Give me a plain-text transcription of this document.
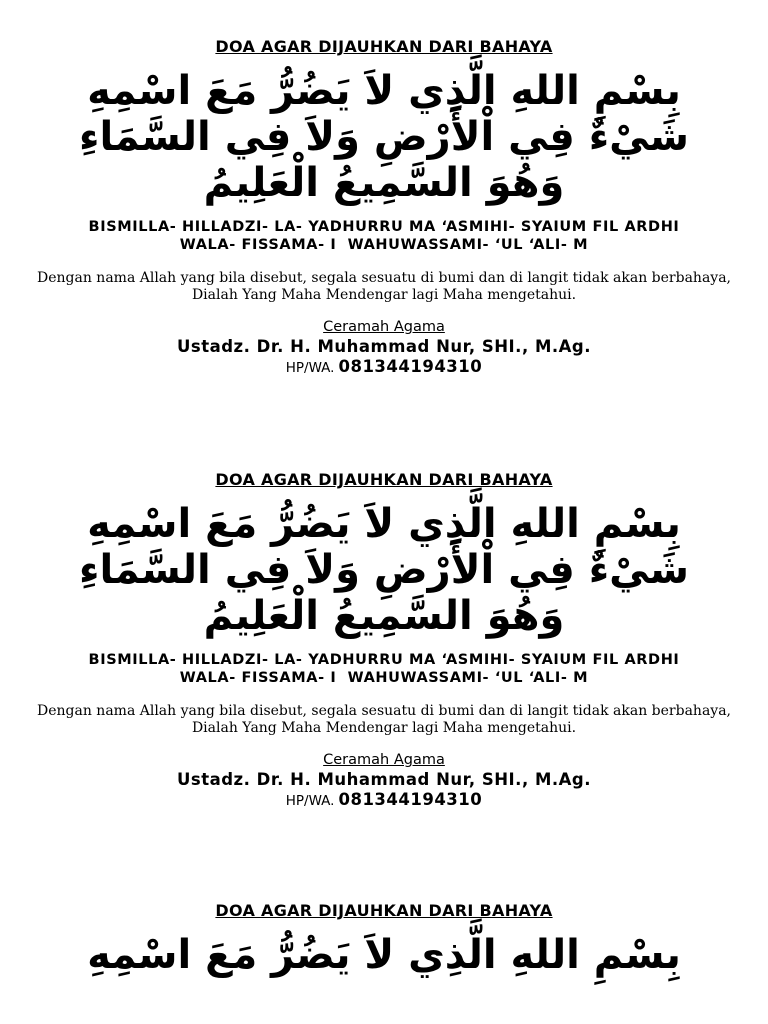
DOA AGAR DIJAUHKAN DARI BAHAYA
بِسْمِ اللهِ الَّذِي لاَ يَضُرُّ مَعَ اسْمِهِ
شَيْءٌ فِي اْلأَرْضِ وَلاَ فِي السَّمَاءِ
وَهُوَ السَّمِيعُ الْعَلِيمُ
BISMILLA- HILLADZI- LA- YADHURRU MA ‘ASMIHI- SYAIUM FIL ARDHI
WALA- FISSAMA- I  WAHUWASSAMI- ‘UL ‘ALI- M
Dengan nama Allah yang bila disebut, segala sesuatu di bumi dan di langit tidak akan berbahaya,
Dialah Yang Maha Mendengar lagi Maha mengetahui.
Ceramah Agama
Ustadz. Dr. H. Muhammad Nur, SHI., M.Ag.
HP/WA. 081344194310
DOA AGAR DIJAUHKAN DARI BAHAYA
بِسْمِ اللهِ الَّذِي لاَ يَضُرُّ مَعَ اسْمِهِ
شَيْءٌ فِي اْلأَرْضِ وَلاَ فِي السَّمَاءِ
وَهُوَ السَّمِيعُ الْعَلِيمُ
BISMILLA- HILLADZI- LA- YADHURRU MA ‘ASMIHI- SYAIUM FIL ARDHI
WALA- FISSAMA- I  WAHUWASSAMI- ‘UL ‘ALI- M
Dengan nama Allah yang bila disebut, segala sesuatu di bumi dan di langit tidak akan berbahaya,
Dialah Yang Maha Mendengar lagi Maha mengetahui.
Ceramah Agama
Ustadz. Dr. H. Muhammad Nur, SHI., M.Ag.
HP/WA. 081344194310
DOA AGAR DIJAUHKAN DARI BAHAYA
بِسْمِ اللهِ الَّذِي لاَ يَضُرُّ مَعَ اسْمِهِ
